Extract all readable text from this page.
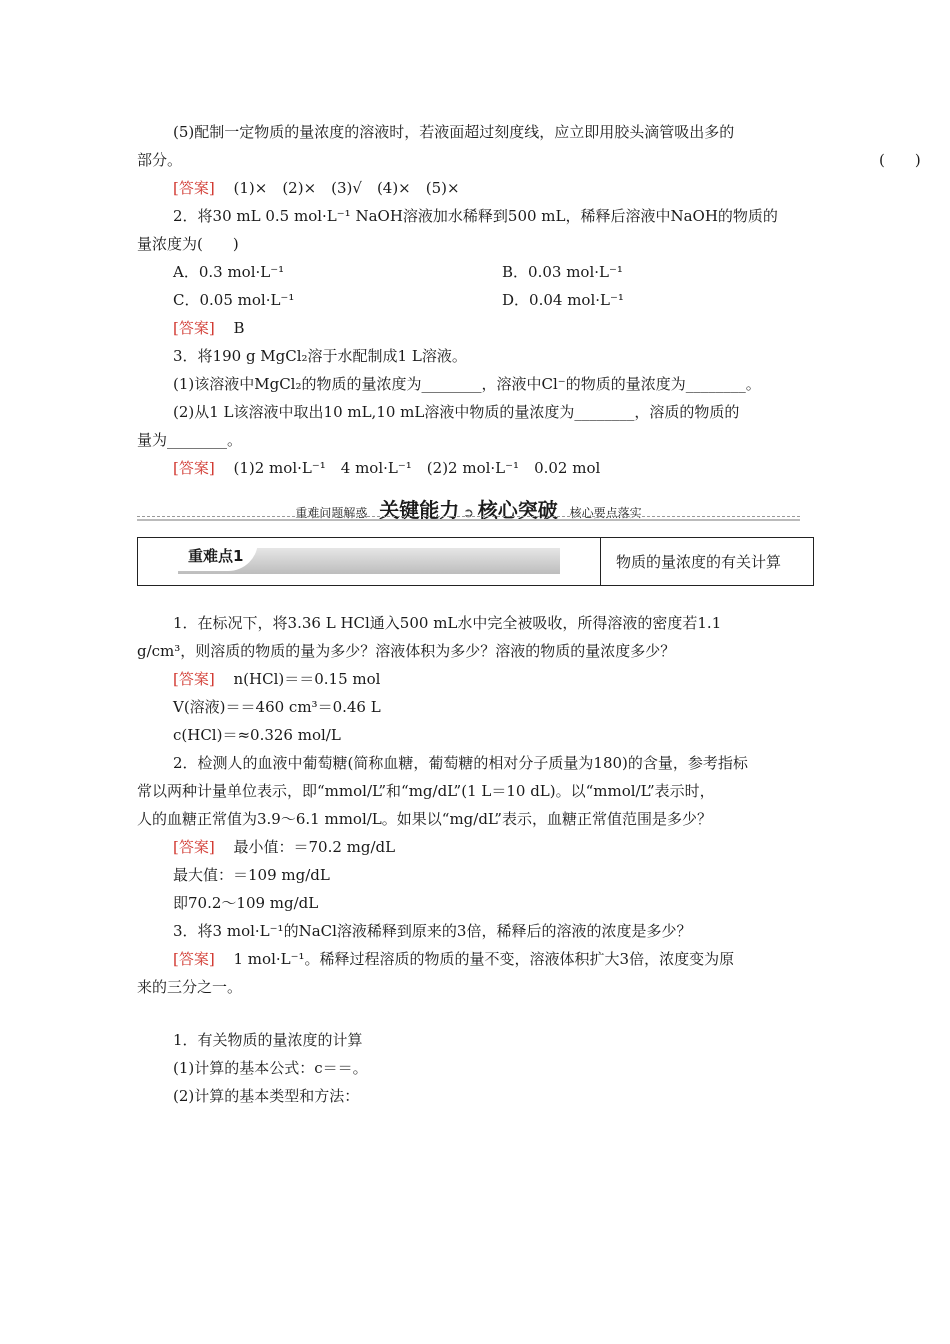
(5)配制一定物质的量浓度的溶液时，若液面超过刻度线，应立即用胶头滴管吸出多的
部分。	(　　)
[答案] (1)×　(2)×　(3)√　(4)×　(5)×
2．将30 mL 0.5 mol·L⁻¹ NaOH溶液加水稀释到500 mL，稀释后溶液中NaOH的物质的
量浓度为(　　)
A．0.3 mol·L⁻¹	B．0.03 mol·L⁻¹
C．0.05 mol·L⁻¹	D．0.04 mol·L⁻¹
[答案] B
3．将190 g MgCl₂溶于水配制成1 L溶液。
(1)该溶液中MgCl₂的物质的量浓度为________，溶液中Cl⁻的物质的量浓度为________。
(2)从1 L该溶液中取出10 mL,10 mL溶液中物质的量浓度为________，溶质的物质的
量为________。
[答案] (1)2 mol·L⁻¹　4 mol·L⁻¹　(2)2 mol·L⁻¹　0.02 mol
重难问题解惑 关键能力 ➲ 核心突破 核心要点落实
重难点1	物质的量浓度的有关计算
1．在标况下，将3.36 L HCl通入500 mL水中完全被吸收，所得溶液的密度若1.1
g/cm³，则溶质的物质的量为多少？溶液体积为多少？溶液的物质的量浓度多少？
[答案] n(HCl)＝＝0.15 mol
V(溶液)＝＝460 cm³＝0.46 L
c(HCl)＝≈0.326 mol/L
2．检测人的血液中葡萄糖(简称血糖，葡萄糖的相对分子质量为180)的含量，参考指标
常以两种计量单位表示，即“mmol/L”和“mg/dL”(1 L＝10 dL)。以“mmol/L”表示时，
人的血糖正常值为3.9～6.1 mmol/L。如果以“mg/dL”表示，血糖正常值范围是多少？
[答案] 最小值：＝70.2 mg/dL
最大值：＝109 mg/dL
即70.2～109 mg/dL
3．将3 mol·L⁻¹的NaCl溶液稀释到原来的3倍，稀释后的溶液的浓度是多少？
[答案] 1 mol·L⁻¹。稀释过程溶质的物质的量不变，溶液体积扩大3倍，浓度变为原
来的三分之一。
1．有关物质的量浓度的计算
(1)计算的基本公式：c＝＝。
(2)计算的基本类型和方法：
